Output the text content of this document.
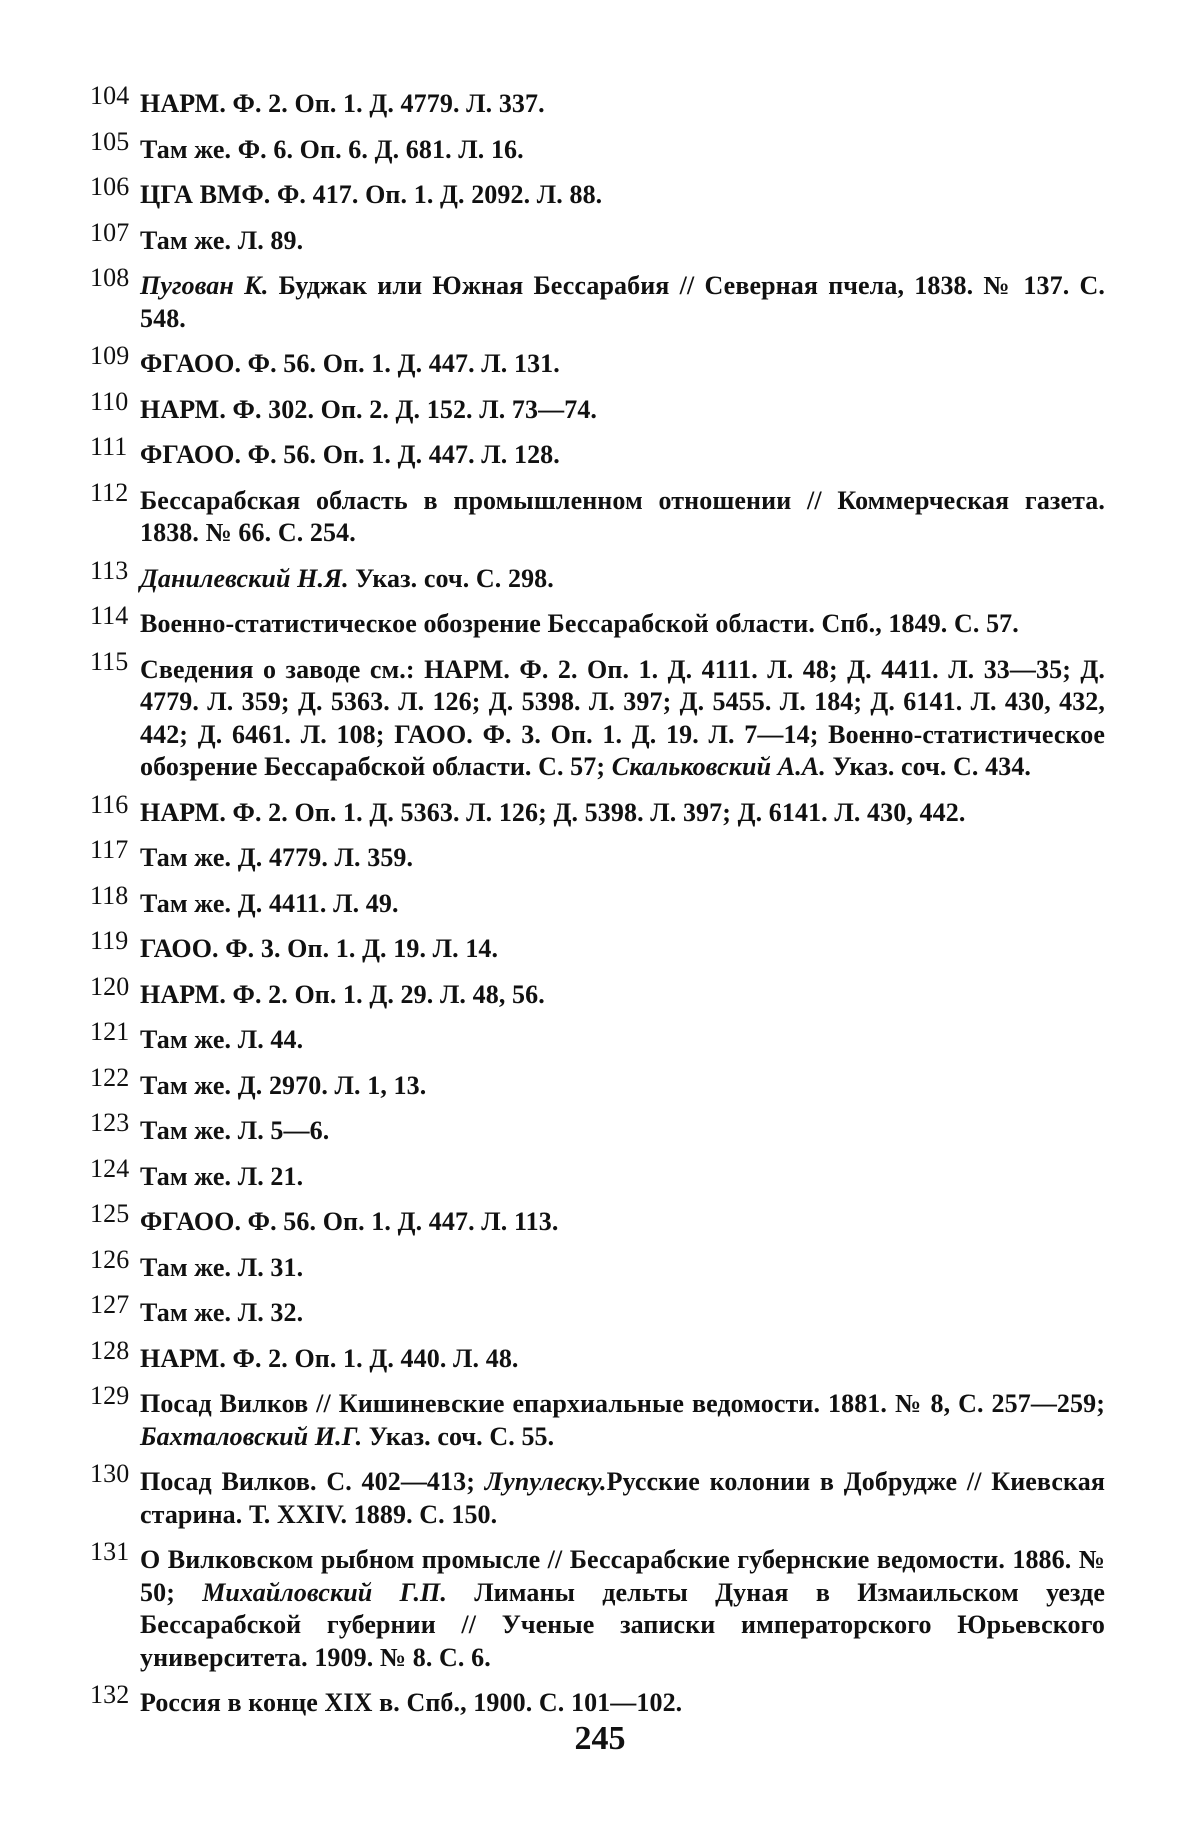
104 НАРМ. Ф. 2. Оп. 1. Д. 4779. Л. 337.
105 Там же. Ф. 6. Оп. 6. Д. 681. Л. 16.
106 ЦГА ВМФ. Ф. 417. Оп. 1. Д. 2092. Л. 88.
107 Там же. Л. 89.
108 Пугован К. Буджак или Южная Бессарабия // Северная пчела, 1838. № 137. С. 548.
109 ФГАОО. Ф. 56. Оп. 1. Д. 447. Л. 131.
110 НАРМ. Ф. 302. Оп. 2. Д. 152. Л. 73—74.
111 ФГАОО. Ф. 56. Оп. 1. Д. 447. Л. 128.
112 Бессарабская область в промышленном отношении // Коммерческая газета. 1838. № 66. С. 254.
113 Данилевский Н.Я. Указ. соч. С. 298.
114 Военно-статистическое обозрение Бессарабской области. Спб., 1849. С. 57.
115 Сведения о заводе см.: НАРМ. Ф. 2. Оп. 1. Д. 4111. Л. 48; Д. 4411. Л. 33—35; Д. 4779. Л. 359; Д. 5363. Л. 126; Д. 5398. Л. 397; Д. 5455. Л. 184; Д. 6141. Л. 430, 432, 442; Д. 6461. Л. 108; ГАОО. Ф. 3. Оп. 1. Д. 19. Л. 7—14; Военно-статистическое обозрение Бессарабской области. С. 57; Скальковский А.А. Указ. соч. С. 434.
116 НАРМ. Ф. 2. Оп. 1. Д. 5363. Л. 126; Д. 5398. Л. 397; Д. 6141. Л. 430, 442.
117 Там же. Д. 4779. Л. 359.
118 Там же. Д. 4411. Л. 49.
119 ГАОО. Ф. 3. Оп. 1. Д. 19. Л. 14.
120 НАРМ. Ф. 2. Оп. 1. Д. 29. Л. 48, 56.
121 Там же. Л. 44.
122 Там же. Д. 2970. Л. 1, 13.
123 Там же. Л. 5—6.
124 Там же. Л. 21.
125 ФГАОО. Ф. 56. Оп. 1. Д. 447. Л. 113.
126 Там же. Л. 31.
127 Там же. Л. 32.
128 НАРМ. Ф. 2. Оп. 1. Д. 440. Л. 48.
129 Посад Вилков // Кишиневские епархиальные ведомости. 1881. № 8, С. 257—259; Бахталовский И.Г. Указ. соч. С. 55.
130 Посад Вилков. С. 402—413; Лупулеску.Русские колонии в Добрудже // Киевская старина. Т. XXIV. 1889. С. 150.
131 О Вилковском рыбном промысле // Бессарабские губернские ведомости. 1886. № 50; Михайловский Г.П. Лиманы дельты Дуная в Измаильском уезде Бессарабской губернии // Ученые записки императорского Юрьевского университета. 1909. № 8. С. 6.
132 Россия в конце XIX в. Спб., 1900. С. 101—102.
245
